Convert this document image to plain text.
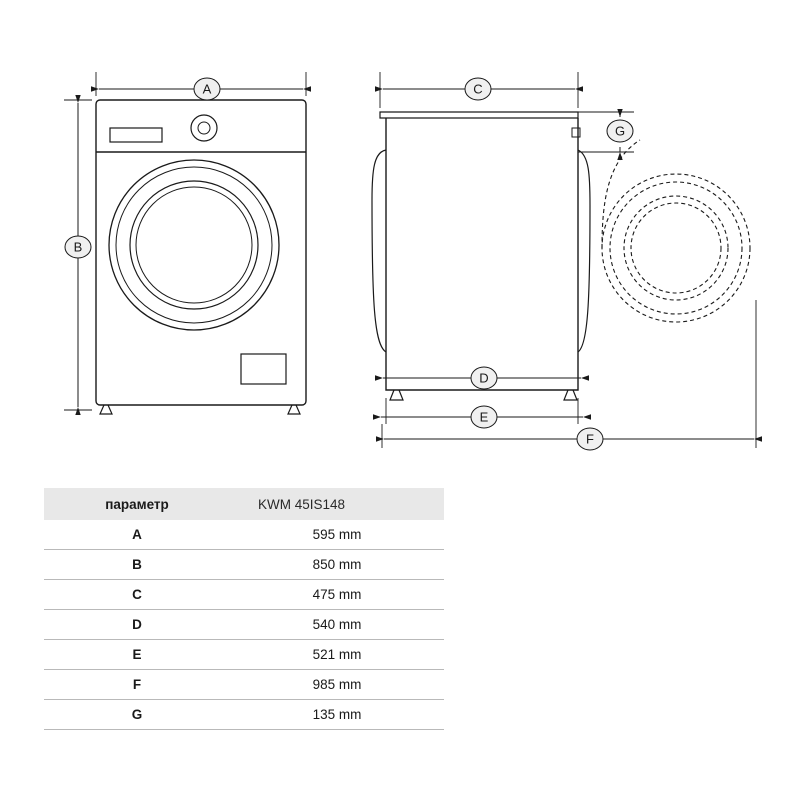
A
B
C
G
D
E
F
параметр	KWM 45IS148
A	595 mm
B	850 mm
C	475 mm
D	540 mm
E	521 mm
F	985 mm
G	135 mm
